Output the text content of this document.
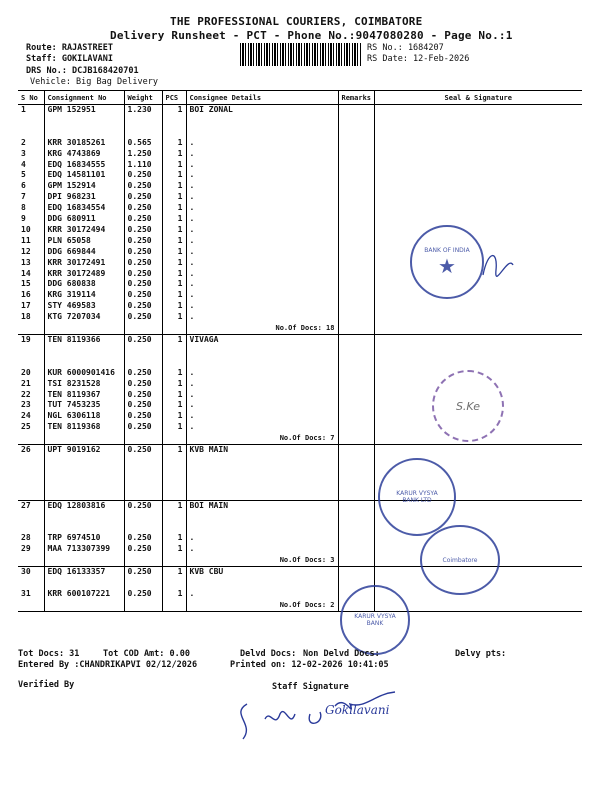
THE PROFESSIONAL COURIERS, COIMBATORE
Delivery Runsheet - PCT - Phone No.:9047080280 - Page No.:1
Route: RAJASTREET
Staff: GOKILAVANI
DRS No.: DCJB168420701
Vehicle: Big Bag Delivery
RS No.: 1684207
RS Date: 12-Feb-2026
S No	Consignment No	Weight	PCS	Consignee Details	Remarks	Seal & Signature
1	GPM 152951	1.230	1	BOI ZONAL		

2	KRR 30185261	0.565	1	.		
3	KRG 4743869	1.250	1	.		
4	EDQ 16834555	1.110	1	.		
5	EDQ 14581101	0.250	1	.		
6	GPM 152914	0.250	1	.		
7	DPI 968231	0.250	1	.		
8	EDQ 16834554	0.250	1	.		
9	DDG 680911	0.250	1	.		
10	KRR 30172494	0.250	1	.		
11	PLN 65058	0.250	1	.		
12	DDG 669844	0.250	1	.		
13	KRR 30172491	0.250	1	.		
14	KRR 30172489	0.250	1	.		
15	DDG 680838	0.250	1	.		
16	KRG 319114	0.250	1	.		
17	STY 469583	0.250	1	.		
18	KTG 7207034	0.250	1	.		
				No.Of Docs: 18		
19	TEN 8119366	0.250	1	VIVAGA		

20	KUR 6000901416	0.250	1	.		
21	TSI 8231528	0.250	1	.		
22	TEN 8119367	0.250	1	.		
23	TUT 7453235	0.250	1	.		
24	NGL 6306118	0.250	1	.		
25	TEN 8119368	0.250	1	.		
				No.Of Docs: 7		
26	UPT 9019162	0.250	1	KVB MAIN		

27	EDQ 12803816	0.250	1	BOI MAIN		

28	TRP 6974510	0.250	1	.		
29	MAA 713307399	0.250	1	.		
				No.Of Docs: 3		
30	EDQ 16133357	0.250	1	KVB CBU		

31	KRR 600107221	0.250	1	.		
				No.Of Docs: 2		
BANK OF INDIA
★
S.Ke
KARUR VYSYA BANK LTD
Coimbatore
KARUR VYSYA BANK
Tot Docs: 31	Tot COD Amt: 0.00	Delvd Docs: Non Delvd Docs:	Delvy pts:
Entered By :CHANDRIKAPVI 02/12/2026	Printed on: 12-02-2026 10:41:05
Verified By	Staff Signature
Gokilavani
